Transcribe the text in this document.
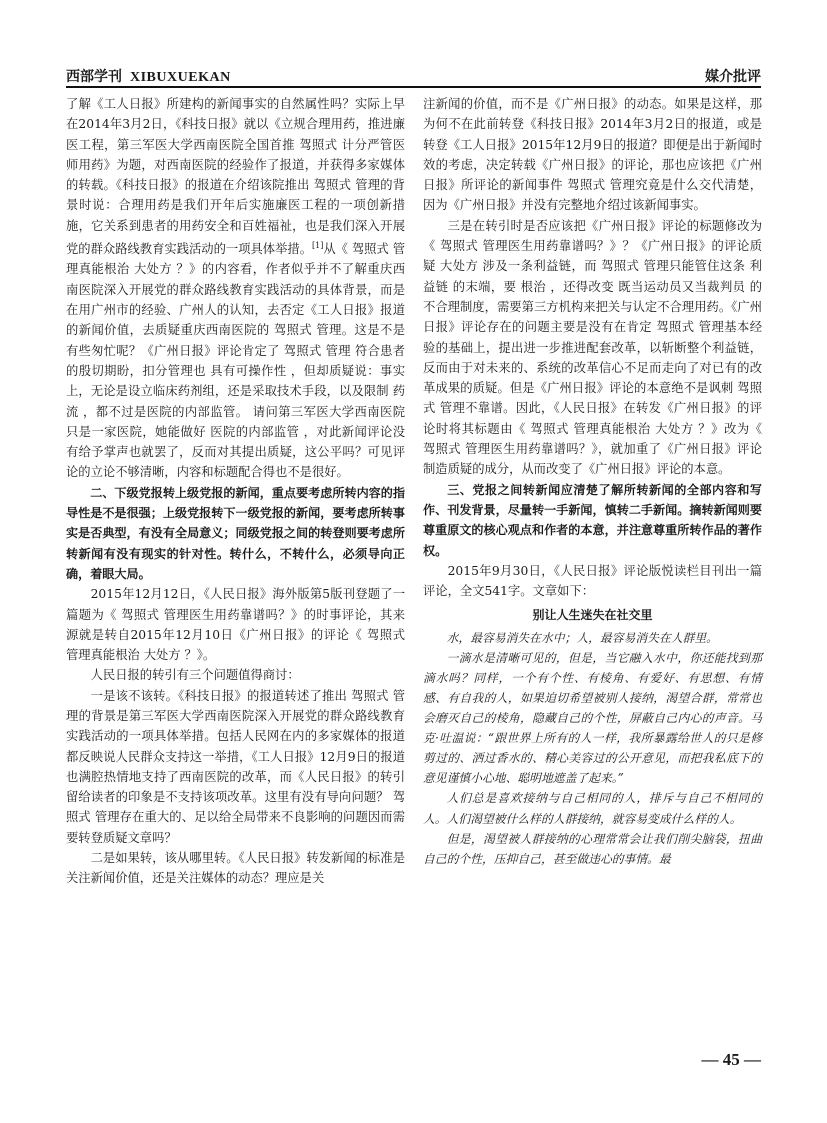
西部学刊 XIBUXUEKAN	媒介批评

了解《工人日报》所建构的新闻事实的自然属性吗？实际上早在2014年3月2日，《科技日报》就以《立规合理用药，推进廉医工程，第三军医大学西南医院全国首推 驾照式 计分严管医师用药》为题，对西南医院的经验作了报道，并获得多家媒体的转载。《科技日报》的报道在介绍该院推出 驾照式 管理的背景时说：合理用药是我们开年后实施廉医工程的一项创新措施，它关系到患者的用药安全和百姓福祉，也是我们深入开展党的群众路线教育实践活动的一项具体举措。[1]从《 驾照式 管理真能根治 大处方 ？》的内容看，作者似乎并不了解重庆西南医院深入开展党的群众路线教育实践活动的具体背景，而是在用广州市的经验、广州人的认知，去否定《工人日报》报道的新闻价值，去质疑重庆西南医院的 驾照式 管理。这是不是有些匆忙呢？《广州日报》评论肯定了 驾照式 管理 符合患者的殷切期盼，扣分管理也 具有可操作性 ，但却质疑说：事实上，无论是设立临床药剂组，还是采取技术手段，以及限制 药流 ，都不过是医院的内部监管。 请问第三军医大学西南医院只是一家医院，她能做好 医院的内部监管 ，对此新闻评论没有给予掌声也就罢了，反而对其提出质疑，这公平吗？可见评论的立论不够清晰，内容和标题配合得也不是很好。

二、下级党报转上级党报的新闻，重点要考虑所转内容的指导性是不是很强；上级党报转下一级党报的新闻，要考虑所转事实是否典型，有没有全局意义；同级党报之间的转登则要考虑所转新闻有没有现实的针对性。转什么，不转什么，必须导向正确，着眼大局。

2015年12月12日，《人民日报》海外版第5版刊登题了一篇题为《 驾照式 管理医生用药靠谱吗？》的时事评论，其来源就是转自2015年12月10日《广州日报》的评论《 驾照式 管理真能根治 大处方 ？》。

人民日报的转引有三个问题值得商讨：

一是该不该转。《科技日报》的报道转述了推出 驾照式 管理的背景是第三军医大学西南医院深入开展党的群众路线教育实践活动的一项具体举措。包括人民网在内的多家媒体的报道都反映说人民群众支持这一举措，《工人日报》12月9日的报道也满腔热情地支持了西南医院的改革，而《人民日报》的转引留给读者的印象是不支持该项改革。这里有没有导向问题？ 驾照式 管理存在重大的、足以给全局带来不良影响的问题因而需要转登质疑文章吗？

二是如果转，该从哪里转。《人民日报》转发新闻的标准是关注新闻价值，还是关注媒体的动态？理应是关

注新闻的价值，而不是《广州日报》的动态。如果是这样，那为何不在此前转登《科技日报》2014年3月2日的报道，或是转登《工人日报》2015年12月9日的报道？即便是出于新闻时效的考虑，决定转载《广州日报》的评论，那也应该把《广州日报》所评论的新闻事件 驾照式 管理究竟是什么交代清楚，因为《广州日报》并没有完整地介绍过该新闻事实。

三是在转引时是否应该把《广州日报》评论的标题修改为《 驾照式 管理医生用药靠谱吗？》？《广州日报》的评论质疑 大处方 涉及一条利益链，而 驾照式 管理只能管住这条 利益链 的末端，要 根治 ，还得改变 既当运动员又当裁判员 的不合理制度，需要第三方机构来把关与认定不合理用药。《广州日报》评论存在的问题主要是没有在肯定 驾照式 管理基本经验的基础上，提出进一步推进配套改革，以斩断整个利益链，反而由于对未来的、系统的改革信心不足而走向了对已有的改革成果的质疑。但是《广州日报》评论的本意绝不是讽刺 驾照式 管理不靠谱。因此，《人民日报》在转发《广州日报》的评论时将其标题由《 驾照式 管理真能根治 大处方 ？》改为《 驾照式 管理医生用药靠谱吗？》，就加重了《广州日报》评论制造质疑的成分，从而改变了《广州日报》评论的本意。

三、党报之间转新闻应清楚了解所转新闻的全部内容和写作、刊发背景，尽量转一手新闻，慎转二手新闻。摘转新闻则要尊重原文的核心观点和作者的本意，并注意尊重所转作品的著作权。

2015年9月30日，《人民日报》评论版悦读栏目刊出一篇评论，全文541字。文章如下：

别让人生迷失在社交里

水，最容易消失在水中；人，最容易消失在人群里。

一滴水是清晰可见的，但是，当它融入水中，你还能找到那滴水吗？同样，一个有个性、有棱角、有爱好、有思想、有情感、有自我的人，如果迫切希望被别人接纳，渴望合群，常常也会磨灭自己的棱角，隐藏自己的个性，屏蔽自己内心的声音。马克·吐温说：“跟世界上所有的人一样，我所暴露给世人的只是修剪过的、洒过香水的、精心美容过的公开意见，而把我私底下的意见谨慎小心地、聪明地遮盖了起来。”

人们总是喜欢接纳与自己相同的人，排斥与自己不相同的人。人们渴望被什么样的人群接纳，就容易变成什么样的人。

但是，渴望被人群接纳的心理常常会让我们削尖脑袋，扭曲自己的个性，压抑自己，甚至做违心的事情。最

— 45 —
